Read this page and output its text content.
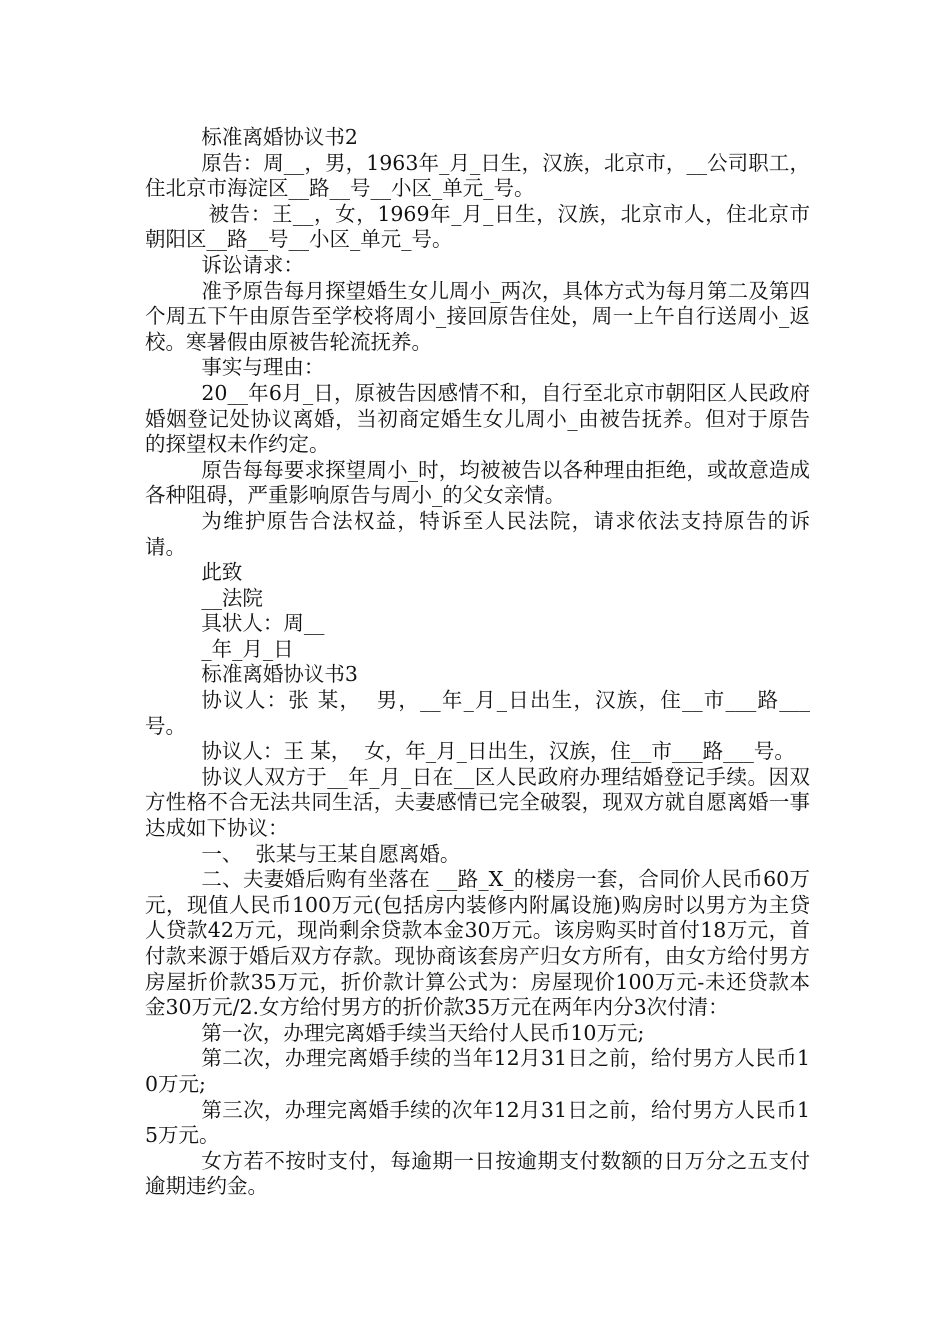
标准离婚协议书2

原告：周__，男，1963年_月_日生，汉族，北京市，__公司职工，住北京市海淀区__路__号__小区_单元_号。

被告：王__，女，1969年_月_日生，汉族，北京市人，住北京市朝阳区__路__号__小区_单元_号。

诉讼请求：

准予原告每月探望婚生女儿周小_两次，具体方式为每月第二及第四个周五下午由原告至学校将周小_接回原告住处，周一上午自行送周小_返校。寒暑假由原被告轮流抚养。

事实与理由：

20__年6月_日，原被告因感情不和，自行至北京市朝阳区人民政府婚姻登记处协议离婚，当初商定婚生女儿周小_由被告抚养。但对于原告的探望权未作约定。

原告每每要求探望周小_时，均被被告以各种理由拒绝，或故意造成各种阻碍，严重影响原告与周小_的父女亲情。

为维护原告合法权益，特诉至人民法院，请求依法支持原告的诉请。

此致

__法院

具状人：周__

_年_月_日

标准离婚协议书3

协议人：张 某，  男，__年_月_日出生，汉族，住__市___路___号。

协议人：王 某，  女，年_月_日出生，汉族，住__市___路___号。

协议人双方于__年_月_日在__区人民政府办理结婚登记手续。因双方性格不合无法共同生活，夫妻感情已完全破裂，现双方就自愿离婚一事达成如下协议：

一、  张某与王某自愿离婚。

二、夫妻婚后购有坐落在 __路_X_的楼房一套，合同价人民币60万元，现值人民币100万元(包括房内装修内附属设施)购房时以男方为主贷人贷款42万元，现尚剩余贷款本金30万元。该房购买时首付18万元，首付款来源于婚后双方存款。现协商该套房产归女方所有，由女方给付男方房屋折价款35万元，折价款计算公式为：房屋现价100万元-未还贷款本金30万元/2.女方给付男方的折价款35万元在两年内分3次付清：

第一次，办理完离婚手续当天给付人民币10万元;

第二次，办理完离婚手续的当年12月31日之前，给付男方人民币10万元;

第三次，办理完离婚手续的次年12月31日之前，给付男方人民币15万元。

女方若不按时支付，每逾期一日按逾期支付数额的日万分之五支付逾期违约金。
